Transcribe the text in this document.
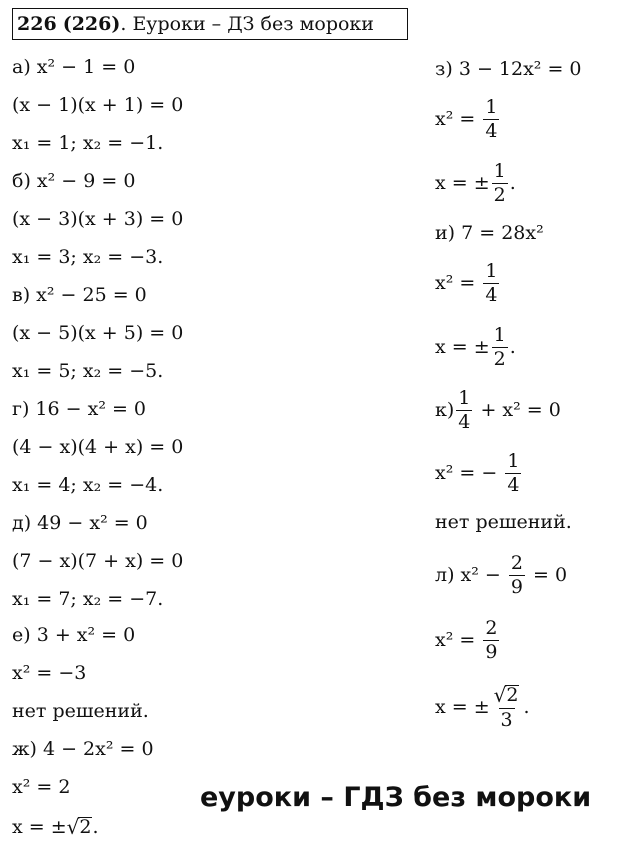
226
(226) . Еуроки – ДЗ без мороки
а)
x² − 1 = 0
(x − 1)(x + 1) = 0
x₁ = 1; x₂ = −1.
б)
x² − 9 = 0
(x − 3)(x + 3) = 0
x₁ = 3; x₂ = −3.
в)
x² − 25 = 0
(x − 5)(x + 5) = 0
x₁ = 5; x₂ = −5.
г)
16 − x² = 0
(4 − x)(4 + x) = 0
x₁ = 4; x₂ = −4.
д)
49 − x² = 0
(7 − x)(7 + x) = 0
x₁ = 7; x₂ = −7.
е)
3 + x² = 0
x² = −3
нет решений.
ж)
4 − 2x² = 0
x² = 2
x = ± √ 2 .
з)
3 − 12x² = 0
x² =
$\frac{1}{4}$
x = ± $\frac{1}{2}$ .
и)
7 = 28x²
x² =
$\frac{1}{4}$
x = ± $\frac{1}{2}$ .
$к) \frac{1}{4}$
+ x² = 0
x² = −
$\frac{1}{4}$
нет решений.
л)
x² −
$\frac{2}{9}$
= 0
x² =
$\frac{2}{9}$
x = ± $\frac{√ 2}{3}$ .
еуроки – ГДЗ без мороки
